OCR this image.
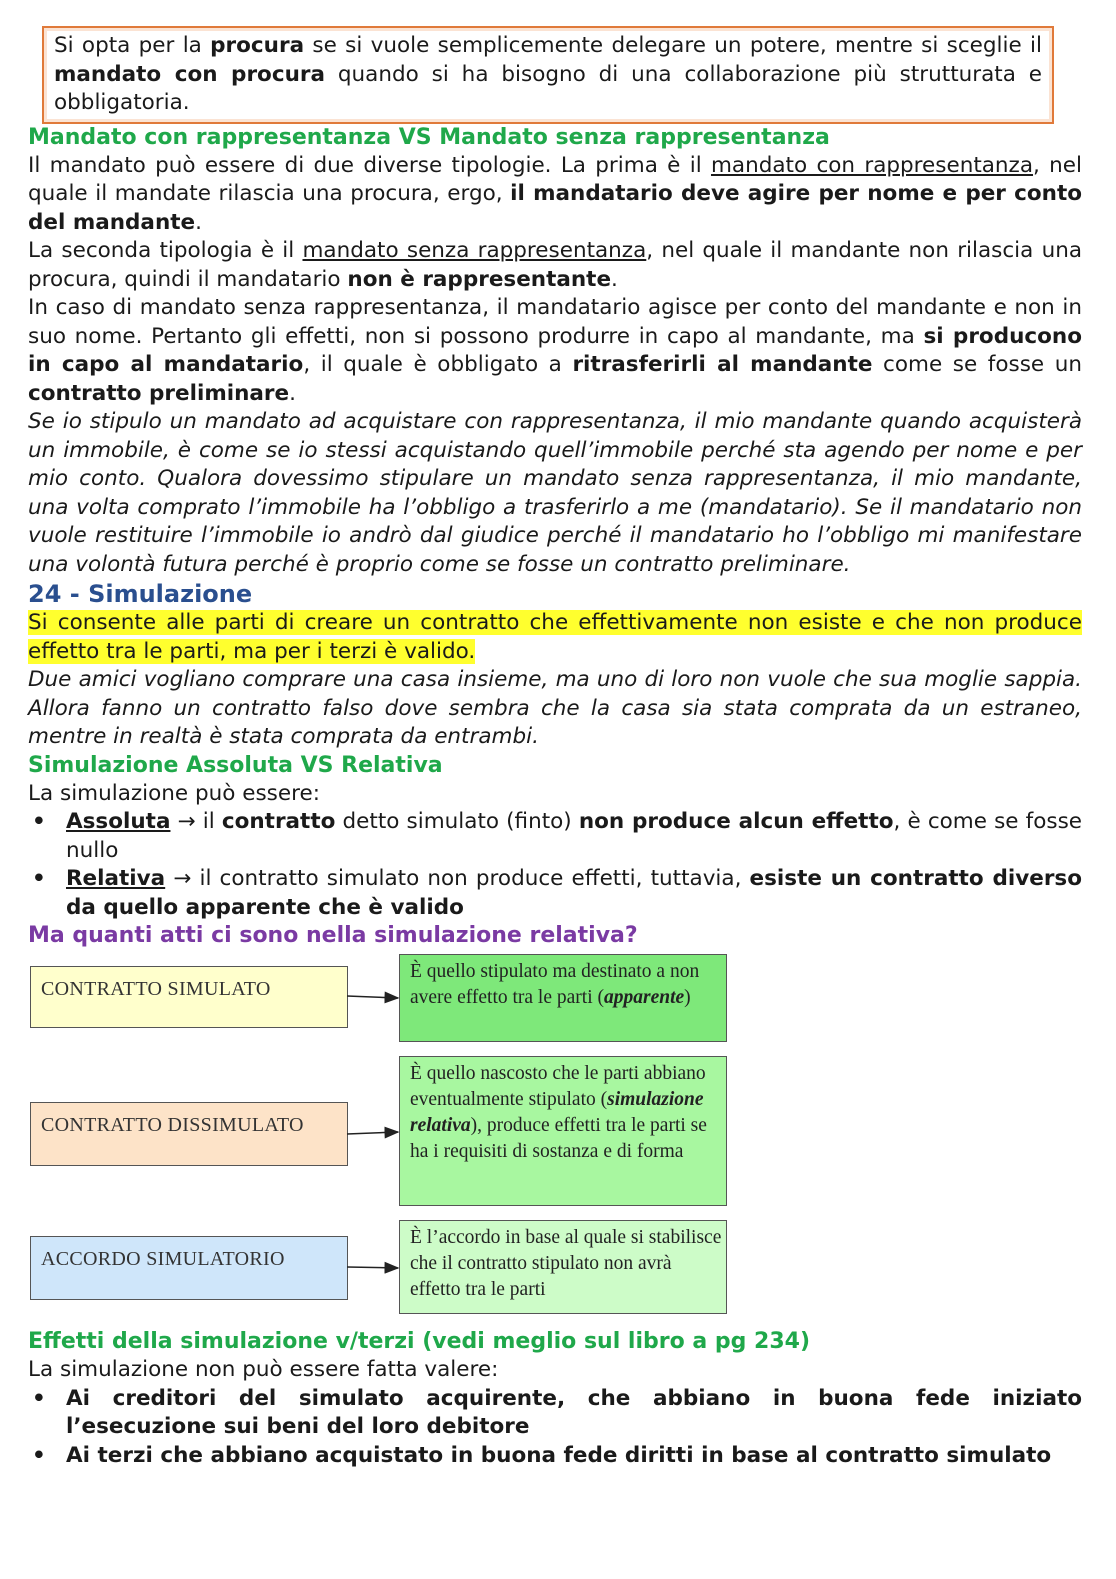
Si opta per la procura se si vuole semplicemente delegare un potere, mentre si sceglie il mandato con procura quando si ha bisogno di una collaborazione più strutturata e obbligatoria.
Mandato con rappresentanza VS Mandato senza rappresentanza

Il mandato può essere di due diverse tipologie. La prima è il mandato con rappresentanza, nel quale il mandate rilascia una procura, ergo, il mandatario deve agire per nome e per conto del mandante.

La seconda tipologia è il mandato senza rappresentanza, nel quale il mandante non rilascia una procura, quindi il mandatario non è rappresentante.

In caso di mandato senza rappresentanza, il mandatario agisce per conto del mandante e non in suo nome. Pertanto gli effetti, non si possono produrre in capo al mandante, ma si producono in capo al mandatario, il quale è obbligato a ritrasferirli al mandante come se fosse un contratto preliminare.

Se io stipulo un mandato ad acquistare con rappresentanza, il mio mandante quando acquisterà un immobile, è come se io stessi acquistando quell’immobile perché sta agendo per nome e per mio conto. Qualora dovessimo stipulare un mandato senza rappresentanza, il mio mandante, una volta comprato l’immobile ha l’obbligo a trasferirlo a me (mandatario). Se il mandatario non vuole restituire l’immobile io andrò dal giudice perché il mandatario ho l’obbligo mi manifestare una volontà futura perché è proprio come se fosse un contratto preliminare.

24 - Simulazione

Si consente alle parti di creare un contratto che effettivamente non esiste e che non produce effetto tra le parti, ma per i terzi è valido.

Due amici vogliano comprare una casa insieme, ma uno di loro non vuole che sua moglie sappia. Allora fanno un contratto falso dove sembra che la casa sia stata comprata da un estraneo, mentre in realtà è stata comprata da entrambi.

Simulazione Assoluta VS Relativa

La simulazione può essere:

• Assoluta → il contratto detto simulato (finto) non produce alcun effetto, è come se fosse nullo
• Relativa → il contratto simulato non produce effetti, tuttavia, esiste un contratto diverso da quello apparente che è valido
Ma quanti atti ci sono nella simulazione relativa?
CONTRATTO SIMULATO
CONTRATTO DISSIMULATO
ACCORDO SIMULATORIO
È quello stipulato ma destinato a non avere effetto tra le parti (apparente)
È quello nascosto che le parti abbiano eventualmente stipulato (simulazione relativa), produce effetti tra le parti se ha i requisiti di sostanza e di forma
È l’accordo in base al quale si stabilisce che il contratto stipulato non avrà effetto tra le parti
Effetti della simulazione v/terzi (vedi meglio sul libro a pg 234)

La simulazione non può essere fatta valere:

• Ai creditori del simulato acquirente, che abbiano in buona fede iniziato l’esecuzione sui beni del loro debitore
• Ai terzi che abbiano acquistato in buona fede diritti in base al contratto simulato
